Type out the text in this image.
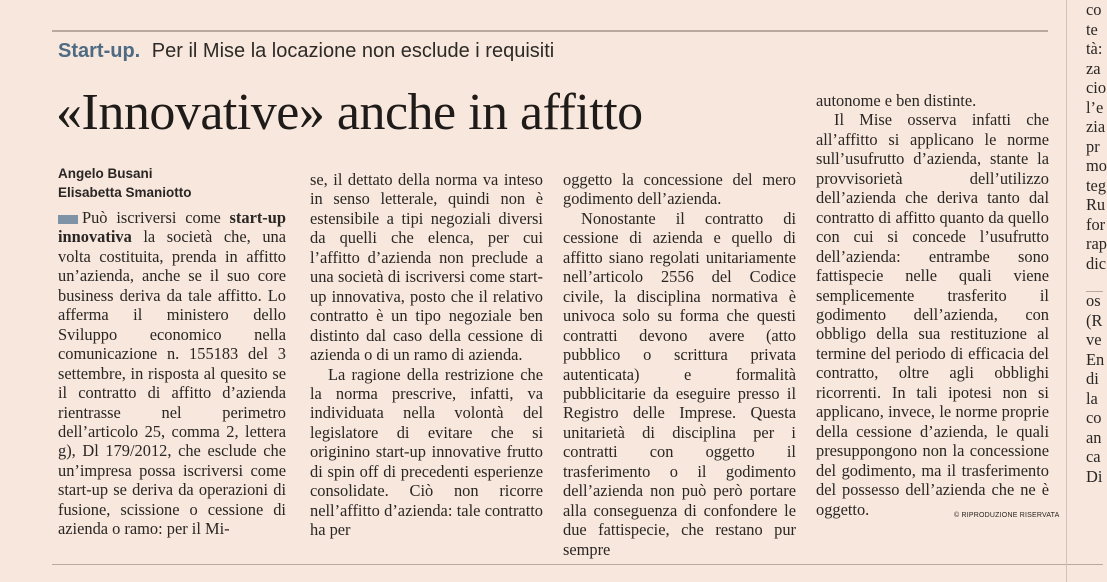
Start-up. Per il Mise la locazione non esclude i requisiti
«Innovative» anche in affitto
Angelo Busani
Elisabetta Smaniotto

Può iscriversi come start-up innovativa la società che, una volta costituita, prenda in affitto un’azienda, anche se il suo core business deriva da tale affitto. Lo afferma il ministero dello Sviluppo economico nella comunicazione n. 155183 del 3 settembre, in risposta al quesito se il contratto di affitto d’azienda rientrasse nel perimetro dell’articolo 25, comma 2, lettera g), Dl 179/2012, che esclude che un’impresa possa iscriversi come start-up se deriva da operazioni di fusione, scissione o cessione di azienda o ramo: per il Mi-

se, il dettato della norma va inteso in senso letterale, quindi non è estensibile a tipi negoziali diversi da quelli che elenca, per cui l’affitto d’azienda non preclude a una società di iscriversi come start-up innovativa, posto che il relativo contratto è un tipo negoziale ben distinto dal caso della cessione di azienda o di un ramo di azienda.

La ragione della restrizione che la norma prescrive, infatti, va individuata nella volontà del legislatore di evitare che si originino start-up innovative frutto di spin off di precedenti esperienze consolidate. Ciò non ricorre nell’affitto d’azienda: tale contratto ha per

oggetto la concessione del mero godimento dell’azienda.

Nonostante il contratto di cessione di azienda e quello di affitto siano regolati unitariamente nell’articolo 2556 del Codice civile, la disciplina normativa è univoca solo su forma che questi contratti devono avere (atto pubblico o scrittura privata autenticata) e formalità pubblicitarie da eseguire presso il Registro delle Imprese. Questa unitarietà di disciplina per i contratti con oggetto il trasferimento o il godimento dell’azienda non può però portare alla conseguenza di confondere le due fattispecie, che restano pur sempre

autonome e ben distinte.

Il Mise osserva infatti che all’affitto si applicano le norme sull’usufrutto d’azienda, stante la provvisorietà dell’utilizzo dell’azienda che deriva tanto dal contratto di affitto quanto da quello con cui si concede l’usufrutto dell’azienda: entrambe sono fattispecie nelle quali viene semplicemente trasferito il godimento dell’azienda, con obbligo della sua restituzione al termine del periodo di efficacia del contratto, oltre agli obblighi ricorrenti. In tali ipotesi non si applicano, invece, le norme proprie della cessione d’azienda, le quali presuppongono non la concessione del godimento, ma il trasferimento del possesso dell’azienda che ne è oggetto.	© RIPRODUZIONE RISERVATA
co
te
tà:
za
cio
l’e
zia
pr
mo
teg
Ru
for
rap
dic
os
(R
ve
En
di
la
co
an
ca
Di
